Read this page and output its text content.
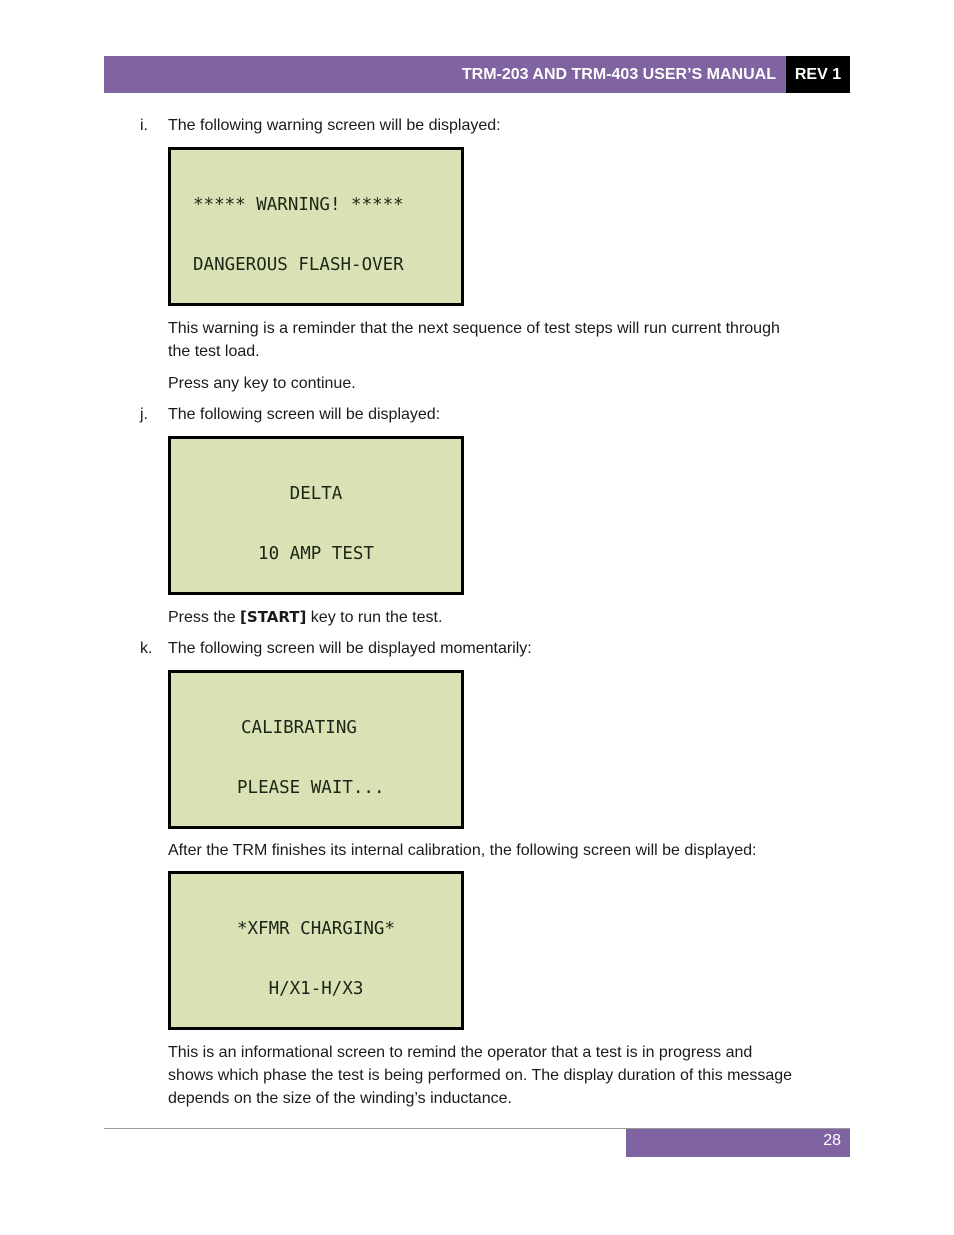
TRM-203 AND TRM-403 USER’S MANUAL	REV 1
i. The following warning screen will be displayed:

***** WARNING! *****

DANGEROUS FLASH-OVER

This warning is a reminder that the next sequence of test steps will run current through
the test load.
Press any key to continue.
j. The following screen will be displayed:

DELTA

10 AMP TEST

Press the [START] key to run the test.
k. The following screen will be displayed momentarily:

CALIBRATING

PLEASE WAIT...

After the TRM finishes its internal calibration, the following screen will be displayed:

*XFMR CHARGING*

H/X1-H/X3

This is an informational screen to remind the operator that a test is in progress and
shows which phase the test is being performed on. The display duration of this message
depends on the size of the winding’s inductance.
28
